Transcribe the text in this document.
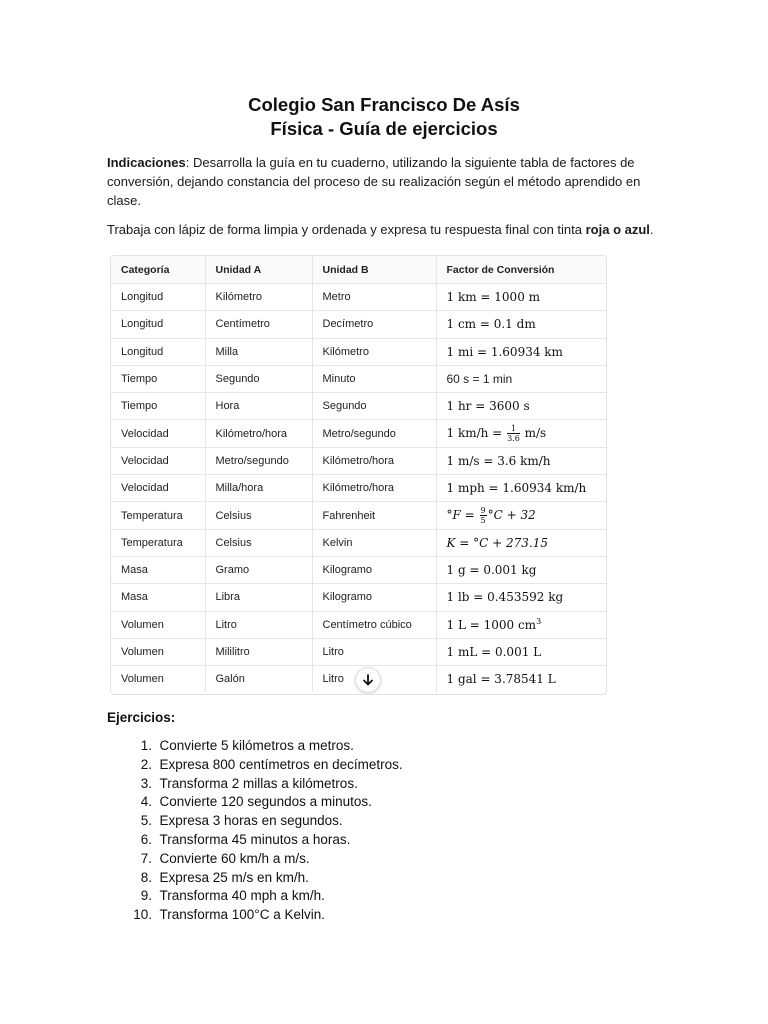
Colegio San Francisco De Asís
Física - Guía de ejercicios
Indicaciones: Desarrolla la guía en tu cuaderno, utilizando la siguiente tabla de factores de conversión, dejando constancia del proceso de su realización según el método aprendido en clase.
Trabaja con lápiz de forma limpia y ordenada y expresa tu respuesta final con tinta roja o azul.
Categoría	Unidad A	Unidad B	Factor de Conversión
Longitud	Kilómetro	Metro	1 km = 1000 m
Longitud	Centímetro	Decímetro	1 cm = 0.1 dm
Longitud	Milla	Kilómetro	1 mi = 1.60934 km
Tiempo	Segundo	Minuto	60 s = 1 min
Tiempo	Hora	Segundo	1 hr = 3600 s
Velocidad	Kilómetro/hora	Metro/segundo	1 $km/h = \frac{1}{3.6} m/s$
Velocidad	Metro/segundo	Kilómetro/hora	1 m/s = 3.6 km/h
Velocidad	Milla/hora	Kilómetro/hora	1 mph = 1.60934 km/h
Temperatura	Celsius	Fahrenheit	$^\circ F = \frac{9}{5} ^\circ C + 32$
Temperatura	Celsius	Kelvin	K = °C + 273.15
Masa	Gramo	Kilogramo	1 g = 0.001 kg
Masa	Libra	Kilogramo	1 lb = 0.453592 kg
Volumen	Litro	Centímetro cúbico	1 L = 1000 $cm^3$
Volumen	Mililitro	Litro	1 mL = 0.001 L
Volumen	Galón	Litro	1 gal = 3.78541 L
Ejercicios:
1.
Convierte 5 kilómetros a metros.
2.
Expresa 800 centímetros en decímetros.
3.
Transforma 2 millas a kilómetros.
4.
Convierte 120 segundos a minutos.
5.
Expresa 3 horas en segundos.
6.
Transforma 45 minutos a horas.
7.
Convierte 60 km/h a m/s.
8.
Expresa 25 m/s en km/h.
9.
Transforma 40 mph a km/h.
10.
Transforma 100°C a Kelvin.
